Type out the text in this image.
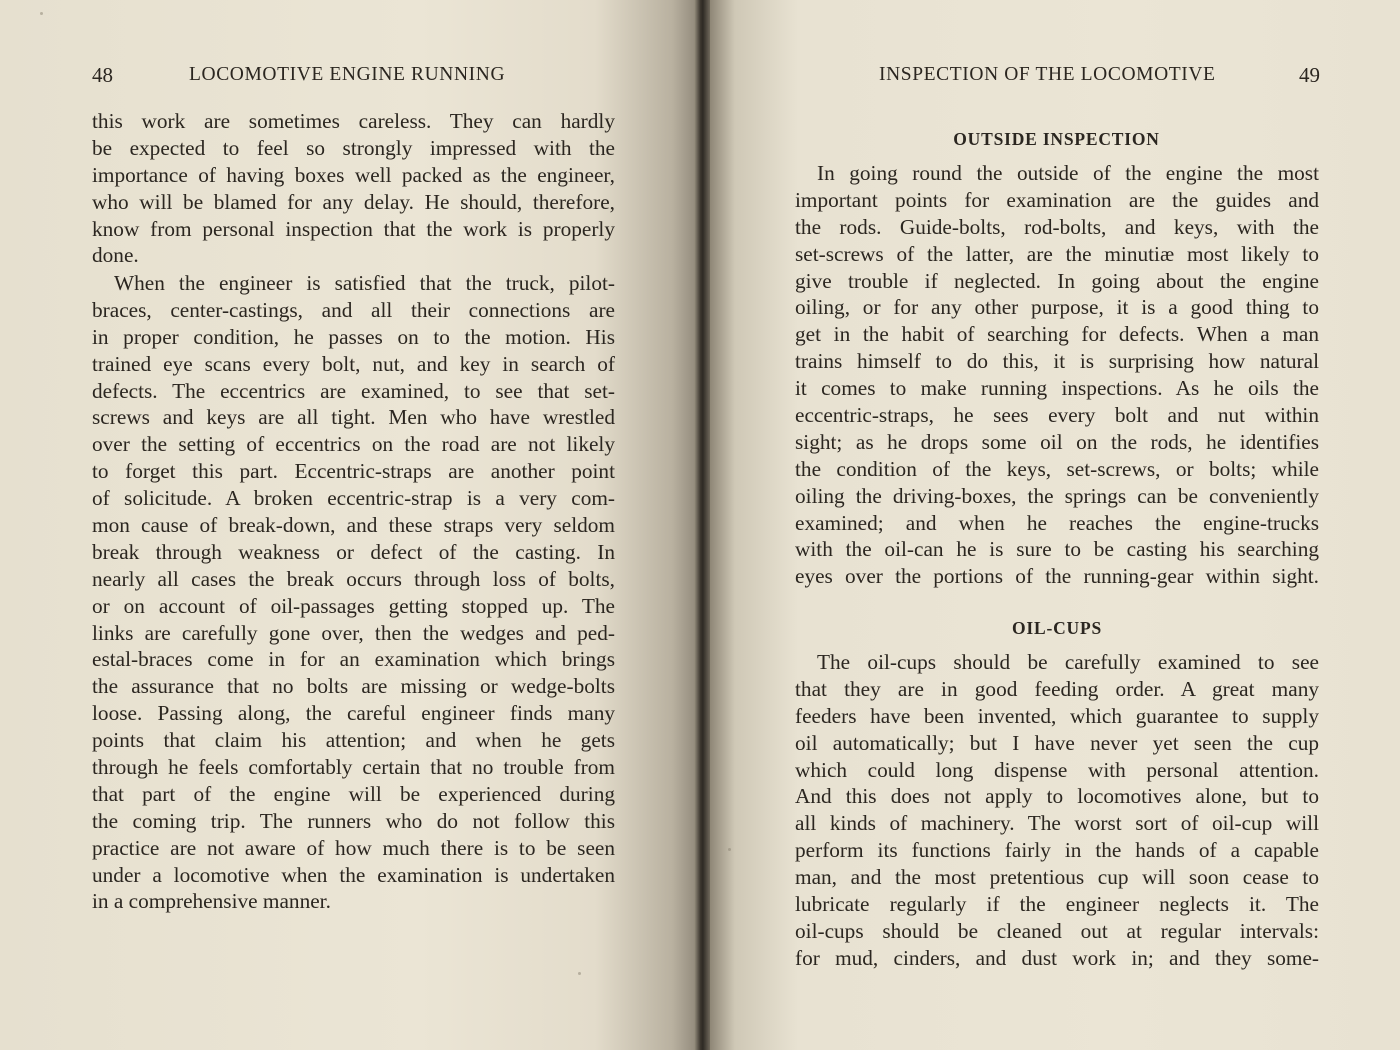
48	LOCOMOTIVE ENGINE RUNNING
this work are sometimes careless. They can hardly
be expected to feel so strongly impressed with the
importance of having boxes well packed as the engineer,
who will be blamed for any delay. He should, therefore,
know from personal inspection that the work is properly
done.
When the engineer is satisfied that the truck, pilot-
braces, center-castings, and all their connections are
in proper condition, he passes on to the motion. His
trained eye scans every bolt, nut, and key in search of
defects. The eccentrics are examined, to see that set-
screws and keys are all tight. Men who have wrestled
over the setting of eccentrics on the road are not likely
to forget this part. Eccentric-straps are another point
of solicitude. A broken eccentric-strap is a very com-
mon cause of break-down, and these straps very seldom
break through weakness or defect of the casting. In
nearly all cases the break occurs through loss of bolts,
or on account of oil-passages getting stopped up. The
links are carefully gone over, then the wedges and ped-
estal-braces come in for an examination which brings
the assurance that no bolts are missing or wedge-bolts
loose. Passing along, the careful engineer finds many
points that claim his attention; and when he gets
through he feels comfortably certain that no trouble from
that part of the engine will be experienced during
the coming trip. The runners who do not follow this
practice are not aware of how much there is to be seen
under a locomotive when the examination is undertaken
in a comprehensive manner.
INSPECTION OF THE LOCOMOTIVE	49
OUTSIDE INSPECTION
In going round the outside of the engine the most
important points for examination are the guides and
the rods. Guide-bolts, rod-bolts, and keys, with the
set-screws of the latter, are the minutiæ most likely to
give trouble if neglected. In going about the engine
oiling, or for any other purpose, it is a good thing to
get in the habit of searching for defects. When a man
trains himself to do this, it is surprising how natural
it comes to make running inspections. As he oils the
eccentric-straps, he sees every bolt and nut within
sight; as he drops some oil on the rods, he identifies
the condition of the keys, set-screws, or bolts; while
oiling the driving-boxes, the springs can be conveniently
examined; and when he reaches the engine-trucks
with the oil-can he is sure to be casting his searching
eyes over the portions of the running-gear within sight.
OIL-CUPS
The oil-cups should be carefully examined to see
that they are in good feeding order. A great many
feeders have been invented, which guarantee to supply
oil automatically; but I have never yet seen the cup
which could long dispense with personal attention.
And this does not apply to locomotives alone, but to
all kinds of machinery. The worst sort of oil-cup will
perform its functions fairly in the hands of a capable
man, and the most pretentious cup will soon cease to
lubricate regularly if the engineer neglects it. The
oil-cups should be cleaned out at regular intervals:
for mud, cinders, and dust work in; and they some-
